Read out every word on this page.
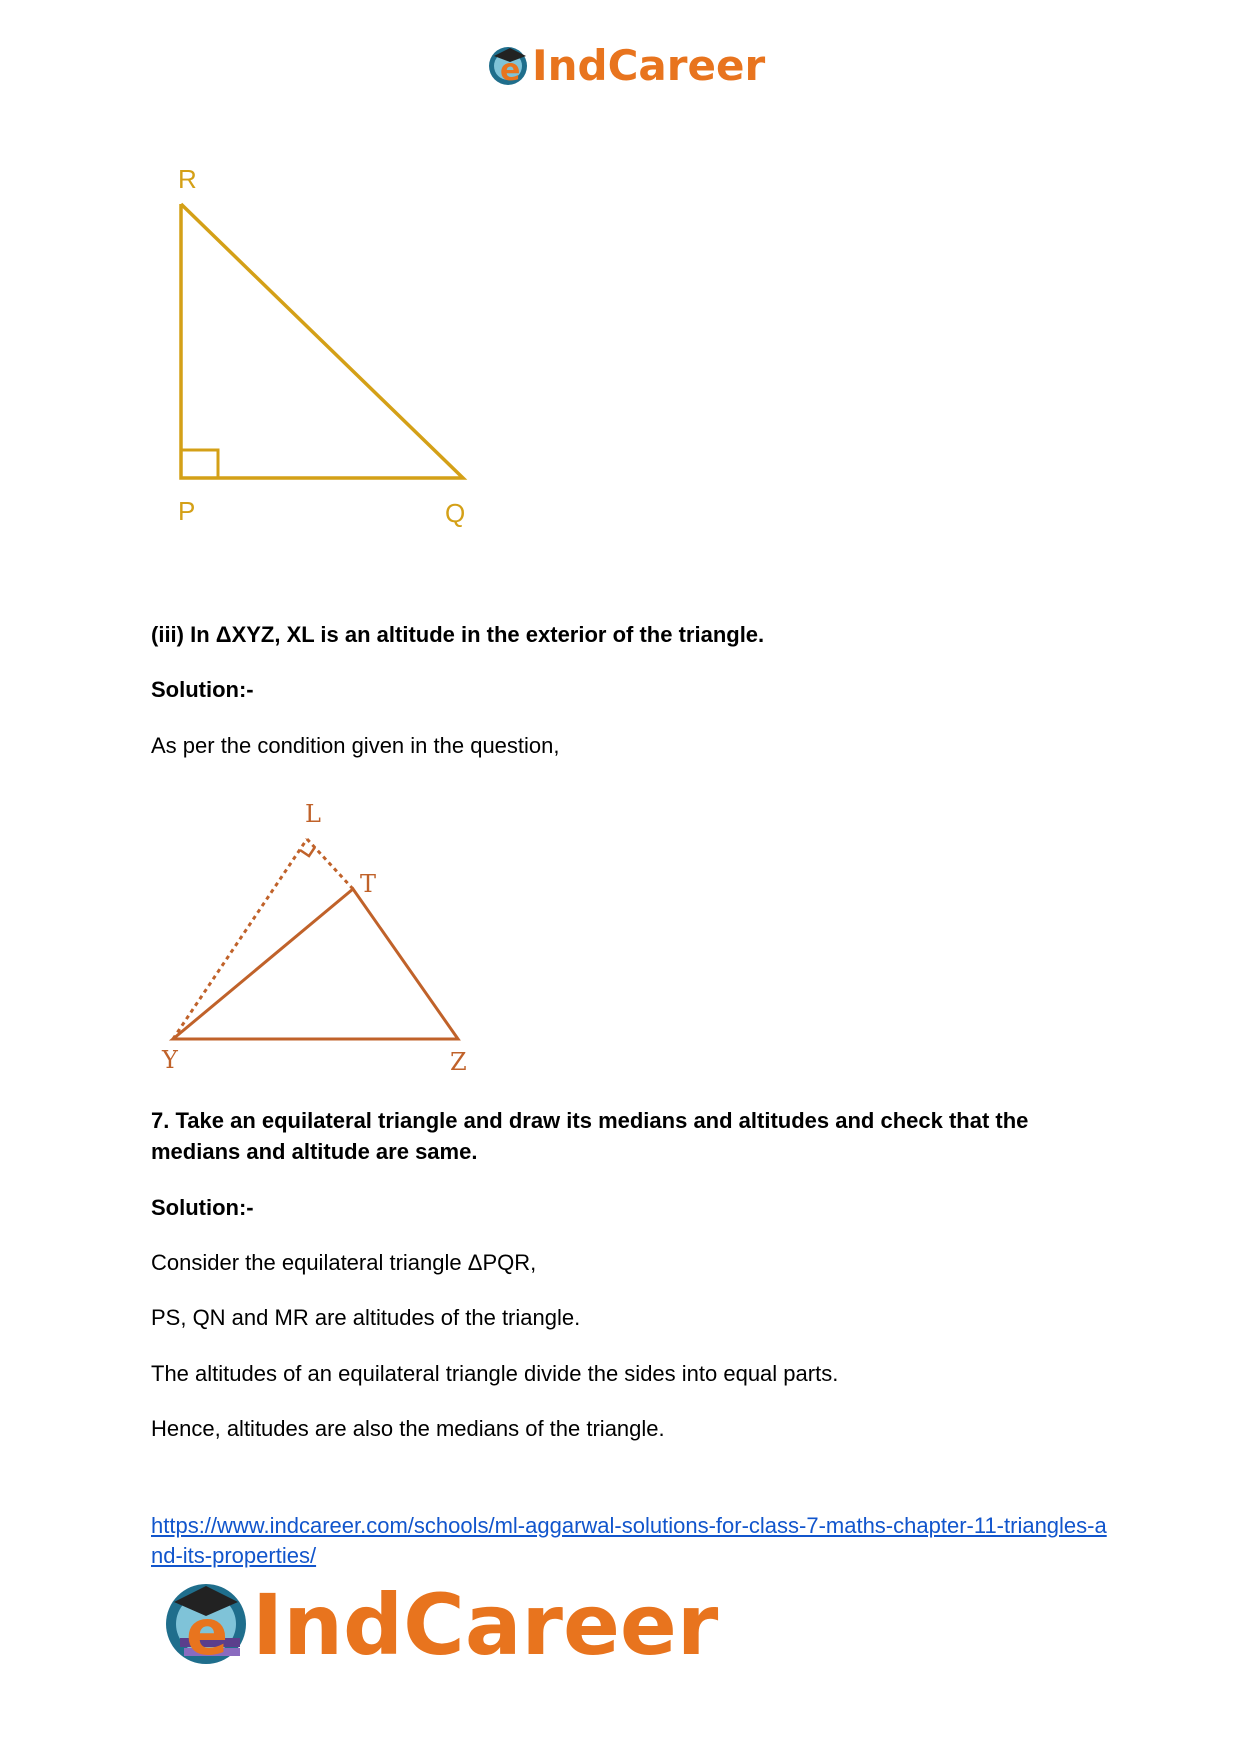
e IndCareer
R
P	Q
(iii) In ΔXYZ, XL is an altitude in the exterior of the triangle.
Solution:-
As per the condition given in the question,
L
T
Y	Z
7. Take an equilateral triangle and draw its medians and altitudes and check that the medians and altitude are same.
Solution:-
Consider the equilateral triangle ΔPQR,
PS, QN and MR are altitudes of the triangle.
The altitudes of an equilateral triangle divide the sides into equal parts.
Hence, altitudes are also the medians of the triangle.
https://www.indcareer.com/schools/ml-aggarwal-solutions-for-class-7-maths-chapter-11-triangles-and-its-properties/
e IndCareer
